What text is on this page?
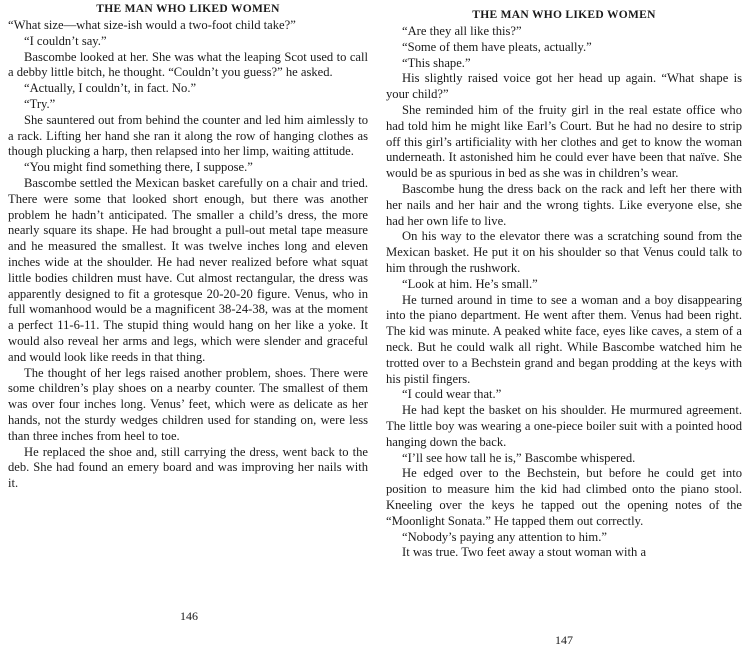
THE MAN WHO LIKED WOMEN

“What size—what size-ish would a two-foot child take?”

“I couldn’t say.”

Bascombe looked at her. She was what the leaping Scot used to call a debby little bitch, he thought. “Couldn’t you guess?” he asked.

“Actually, I couldn’t, in fact. No.”

“Try.”

She sauntered out from behind the counter and led him aimlessly to a rack. Lifting her hand she ran it along the row of hanging clothes as though plucking a harp, then relapsed into her limp, waiting attitude.

“You might find something there, I suppose.”

Bascombe settled the Mexican basket carefully on a chair and tried. There were some that looked short enough, but there was another problem he hadn’t anticipated. The smaller a child’s dress, the more nearly square its shape. He had brought a pull-out metal tape measure and he measured the smallest. It was twelve inches long and eleven inches wide at the shoulder. He had never realized before what squat little bodies children must have. Cut almost rectangular, the dress was apparently designed to fit a grotesque 20-20-20 figure. Venus, who in full womanhood would be a magnificent 38-24-38, was at the moment a perfect 11-6-11. The stupid thing would hang on her like a yoke. It would also reveal her arms and legs, which were slender and graceful and would look like reeds in that thing.

The thought of her legs raised another problem, shoes. There were some children’s play shoes on a nearby counter. The smallest of them was over four inches long. Venus’ feet, which were as delicate as her hands, not the sturdy wedges children used for standing on, were less than three inches from heel to toe.

He replaced the shoe and, still carrying the dress, went back to the deb. She had found an emery board and was improving her nails with it.

146
THE MAN WHO LIKED WOMEN

“Are they all like this?”

“Some of them have pleats, actually.”

“This shape.”

His slightly raised voice got her head up again. “What shape is your child?”

She reminded him of the fruity girl in the real estate office who had told him he might like Earl’s Court. But he had no desire to strip off this girl’s artificiality with her clothes and get to know the woman underneath. It astonished him he could ever have been that naïve. She would be as spurious in bed as she was in children’s wear.

Bascombe hung the dress back on the rack and left her there with her nails and her hair and the wrong tights. Like everyone else, she had her own life to live.

On his way to the elevator there was a scratching sound from the Mexican basket. He put it on his shoulder so that Venus could talk to him through the rushwork.

“Look at him. He’s small.”

He turned around in time to see a woman and a boy disappearing into the piano department. He went after them. Venus had been right. The kid was minute. A peaked white face, eyes like caves, a stem of a neck. But he could walk all right. While Bascombe watched him he trotted over to a Bechstein grand and began prodding at the keys with his pistil fingers.

“I could wear that.”

He had kept the basket on his shoulder. He murmured agreement. The little boy was wearing a one-piece boiler suit with a pointed hood hanging down the back.

“I’ll see how tall he is,” Bascombe whispered.

He edged over to the Bechstein, but before he could get into position to measure him the kid had climbed onto the piano stool. Kneeling over the keys he tapped out the opening notes of the “Moonlight Sonata.” He tapped them out correctly.

“Nobody’s paying any attention to him.”

It was true. Two feet away a stout woman with a

147
